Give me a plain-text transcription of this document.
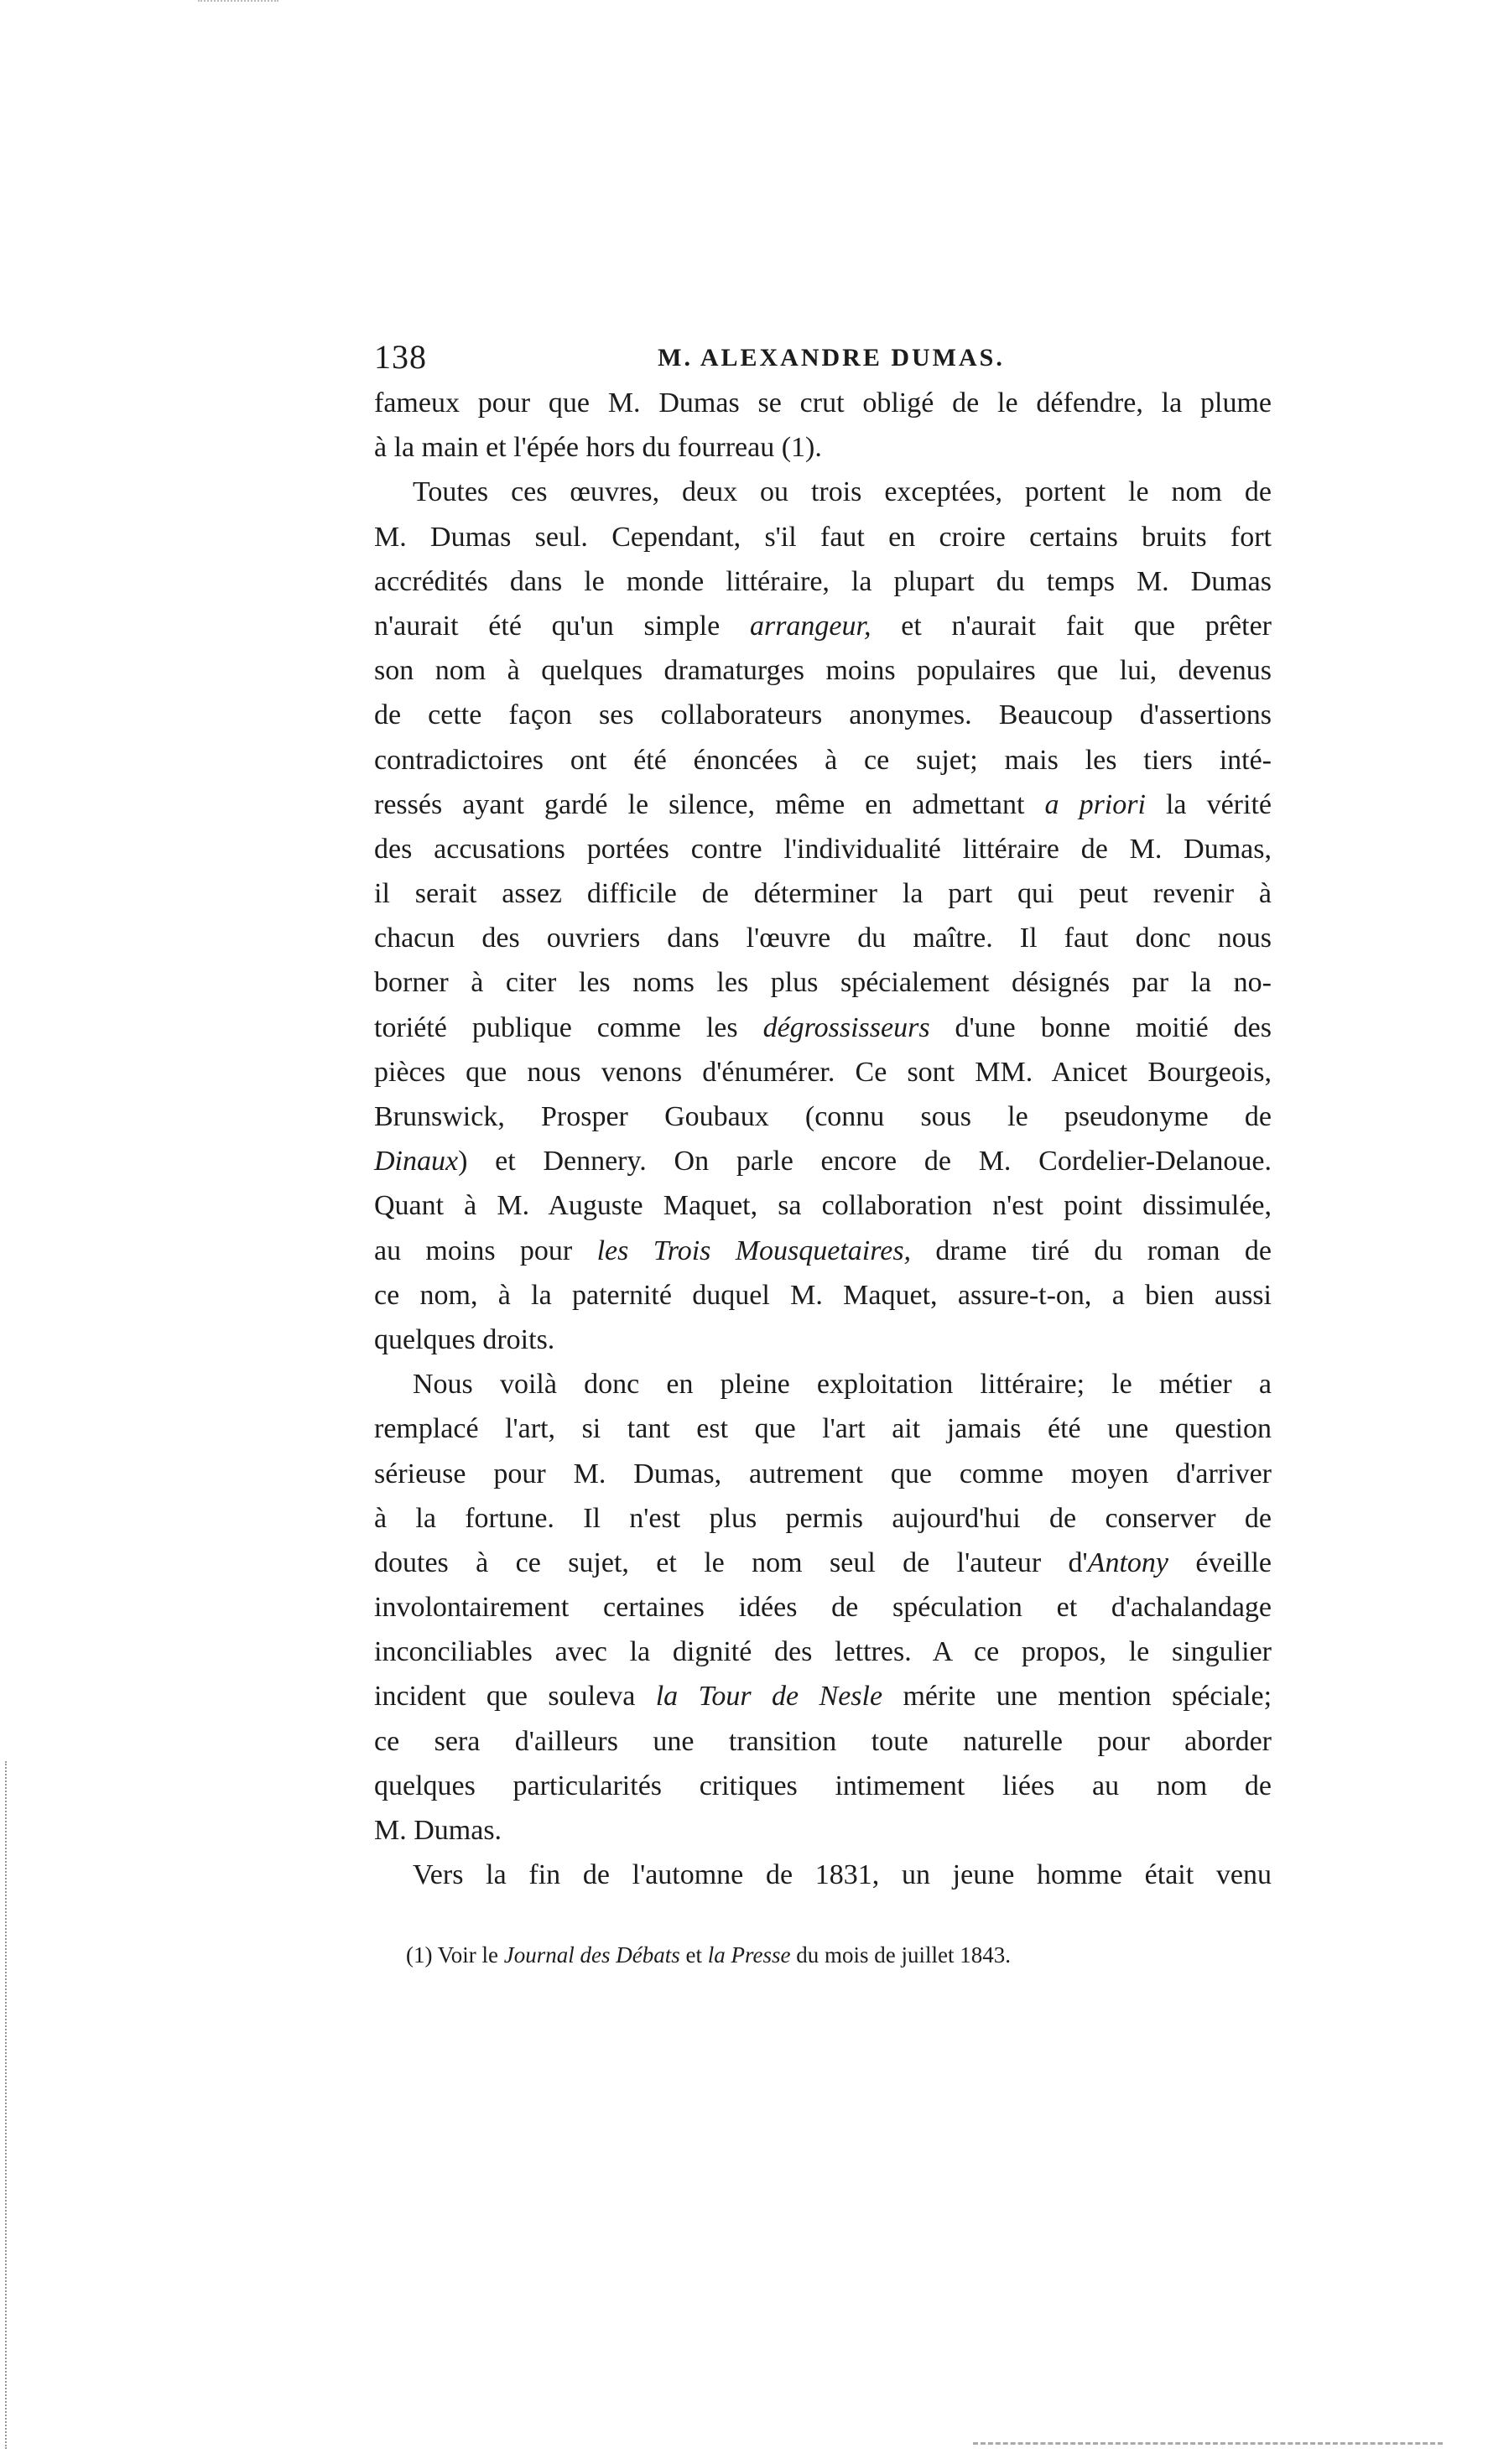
138	M. ALEXANDRE DUMAS.
fameux pour que M. Dumas se crut obligé de le défendre, la plume
à la main et l'épée hors du fourreau (1).
Toutes ces œuvres, deux ou trois exceptées, portent le nom de
M. Dumas seul. Cependant, s'il faut en croire certains bruits fort
accrédités dans le monde littéraire, la plupart du temps M. Dumas
n'aurait été qu'un simple arrangeur, et n'aurait fait que prêter
son nom à quelques dramaturges moins populaires que lui, devenus
de cette façon ses collaborateurs anonymes. Beaucoup d'assertions
contradictoires ont été énoncées à ce sujet; mais les tiers inté-
ressés ayant gardé le silence, même en admettant a priori la vérité
des accusations portées contre l'individualité littéraire de M. Dumas,
il serait assez difficile de déterminer la part qui peut revenir à
chacun des ouvriers dans l'œuvre du maître. Il faut donc nous
borner à citer les noms les plus spécialement désignés par la no-
toriété publique comme les dégrossisseurs d'une bonne moitié des
pièces que nous venons d'énumérer. Ce sont MM. Anicet Bourgeois,
Brunswick, Prosper Goubaux (connu sous le pseudonyme de
Dinaux) et Dennery. On parle encore de M. Cordelier-Delanoue.
Quant à M. Auguste Maquet, sa collaboration n'est point dissimulée,
au moins pour les Trois Mousquetaires, drame tiré du roman de
ce nom, à la paternité duquel M. Maquet, assure-t-on, a bien aussi
quelques droits.
Nous voilà donc en pleine exploitation littéraire; le métier a
remplacé l'art, si tant est que l'art ait jamais été une question
sérieuse pour M. Dumas, autrement que comme moyen d'arriver
à la fortune. Il n'est plus permis aujourd'hui de conserver de
doutes à ce sujet, et le nom seul de l'auteur d'Antony éveille
involontairement certaines idées de spéculation et d'achalandage
inconciliables avec la dignité des lettres. A ce propos, le singulier
incident que souleva la Tour de Nesle mérite une mention spéciale;
ce sera d'ailleurs une transition toute naturelle pour aborder
quelques particularités critiques intimement liées au nom de
M. Dumas.
Vers la fin de l'automne de 1831, un jeune homme était venu
(1) Voir le Journal des Débats et la Presse du mois de juillet 1843.
